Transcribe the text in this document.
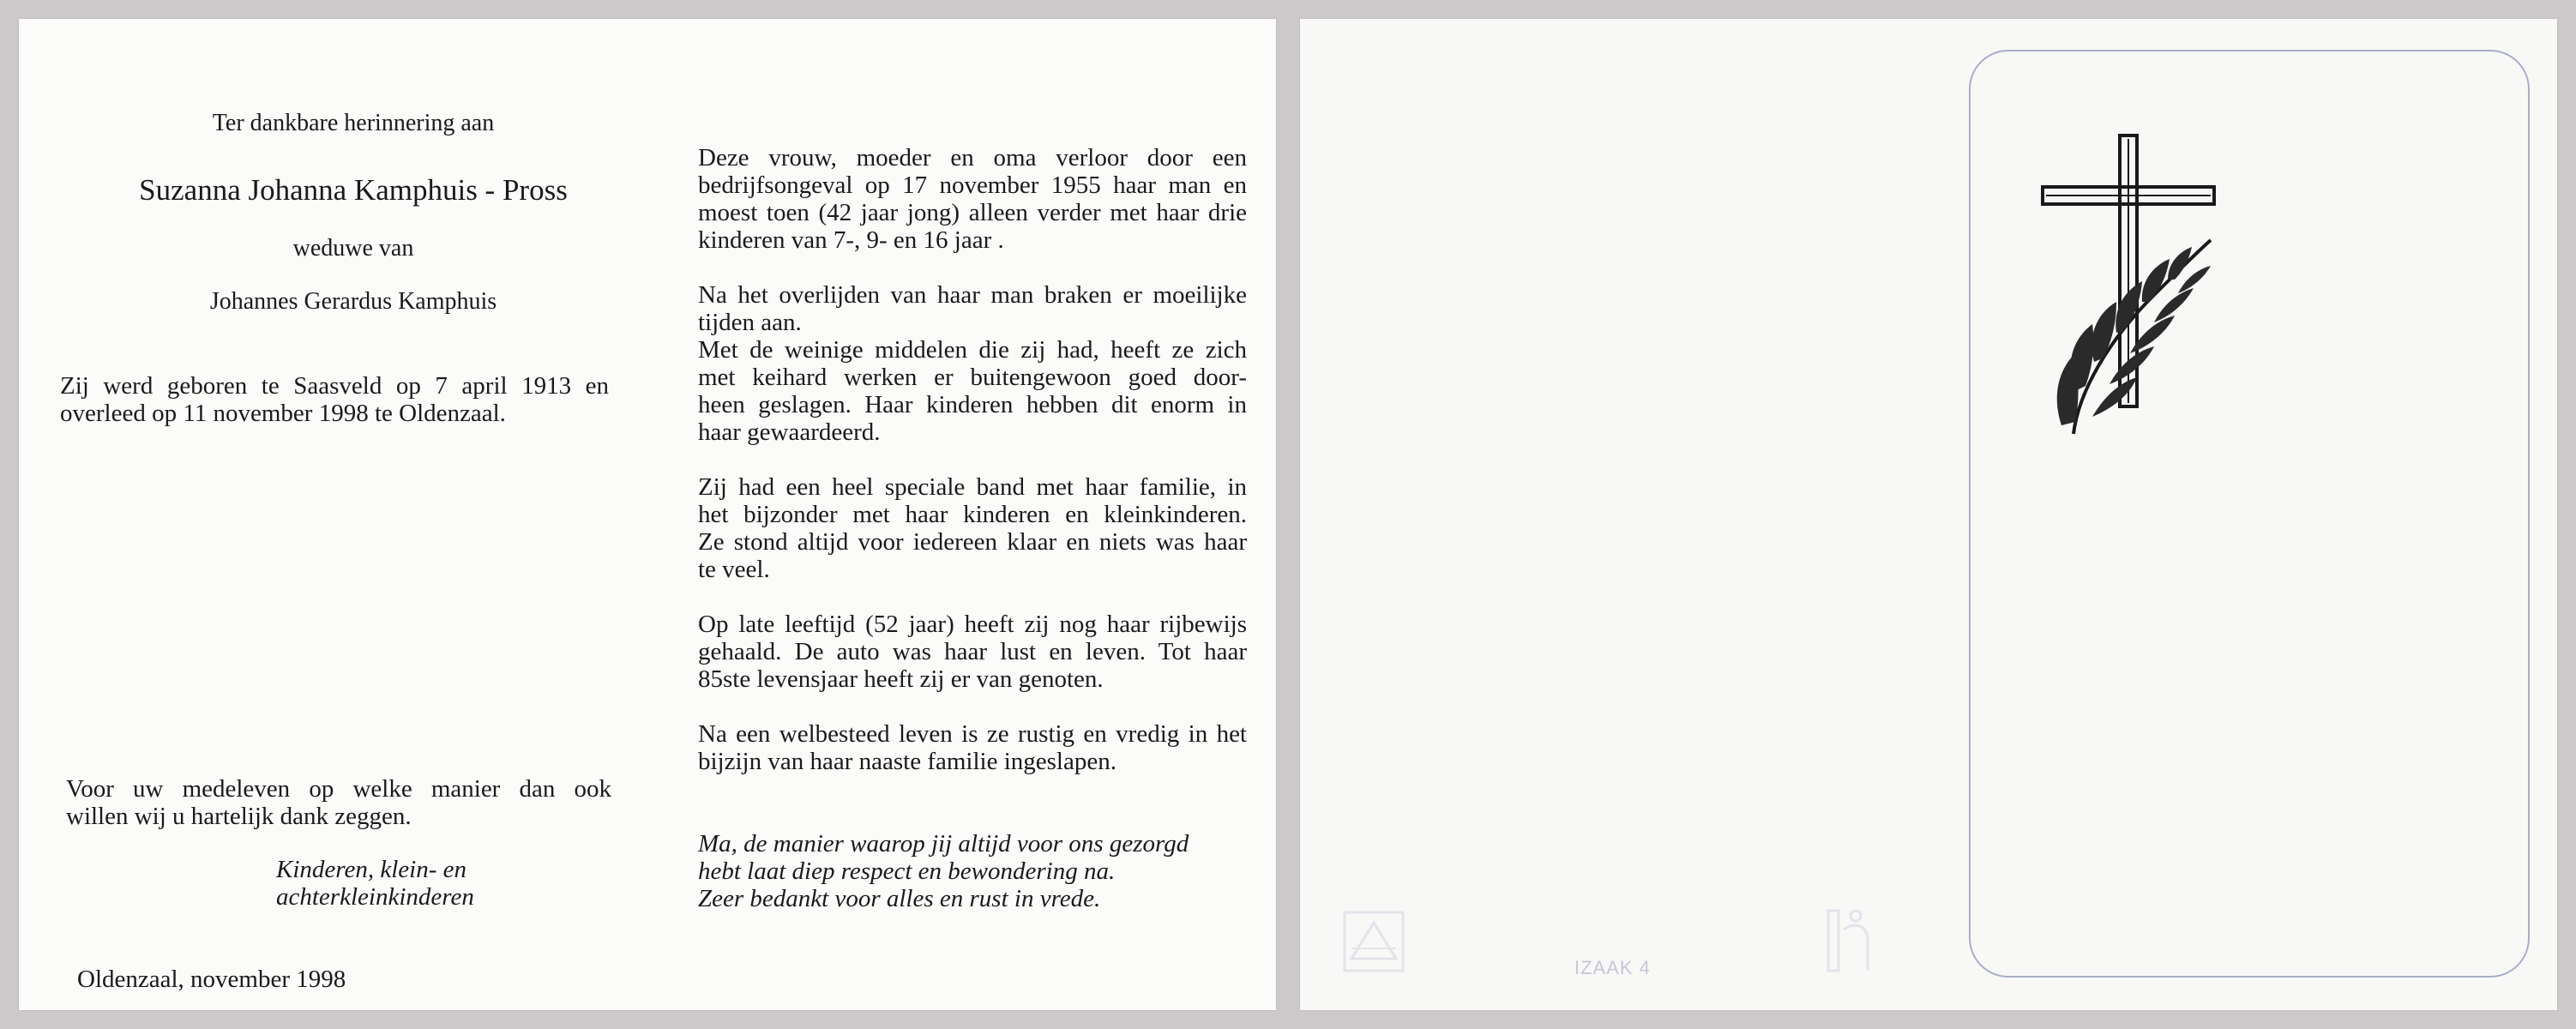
Ter dankbare herinnering aan

Suzanna Johanna Kamphuis - Pross

weduwe van

Johannes Gerardus Kamphuis

Zij werd geboren te Saasveld op 7 april 1913 en
overleed op 11 november 1998 te Oldenzaal.
Voor uw medeleven op welke manier dan ook
willen wij u hartelijk dank zeggen.
Kinderen, klein- en
achterkleinkinderen

Oldenzaal, november 1998

Deze vrouw, moeder en oma verloor door een
bedrijfsongeval op 17 november 1955 haar man en
moest toen (42 jaar jong) alleen verder met haar drie
kinderen van 7-, 9- en 16 jaar .
Na het overlijden van haar man braken er moeilijke
tijden aan.
Met de weinige middelen die zij had, heeft ze zich
met keihard werken er buitengewoon goed door-
heen geslagen. Haar kinderen hebben dit enorm in
haar gewaardeerd.
Zij had een heel speciale band met haar familie, in
het bijzonder met haar kinderen en kleinkinderen.
Ze stond altijd voor iedereen klaar en niets was haar
te veel.
Op late leeftijd (52 jaar) heeft zij nog haar rijbewijs
gehaald. De auto was haar lust en leven. Tot haar
85ste levensjaar heeft zij er van genoten.
Na een welbesteed leven is ze rustig en vredig in het
bijzijn van haar naaste familie ingeslapen.
Ma, de manier waarop jij altijd voor ons gezorgd
hebt laat diep respect en bewondering na.
Zeer bedankt voor alles en rust in vrede.
IZAAK 4
